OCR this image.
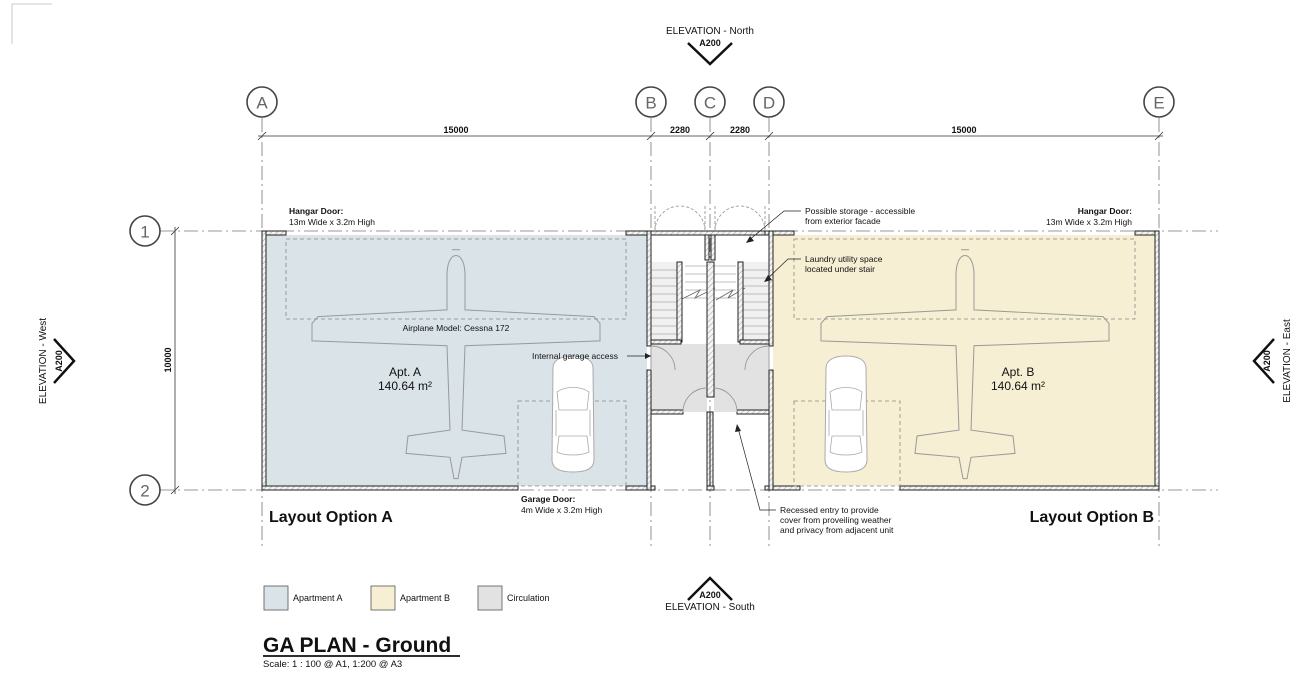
A	B	C	D	E
1
2
15000	2280	2280	15000
10000
ELEVATION - North
A200
A200
ELEVATION - South
A200
ELEVATION - West	A200 ELEVATION - East
Apt. A
140.64 m²
Apt. B
140.64 m²
Hangar Door:
13m Wide x 3.2m High
Hangar Door:
13m Wide x 3.2m High
Airplane Model: Cessna 172
Internal garage access
Possible storage - accessible
from exterior facade
Laundry utility space
located under stair
Garage Door:
4m Wide x 3.2m High	Recessed entry to provide
cover from proveiling weather
and privacy from adjacent unit
Layout Option A	Layout Option B
Apartment A	Apartment B	Circulation
GA PLAN - Ground
Scale: 1 : 100 @ A1, 1:200 @ A3
